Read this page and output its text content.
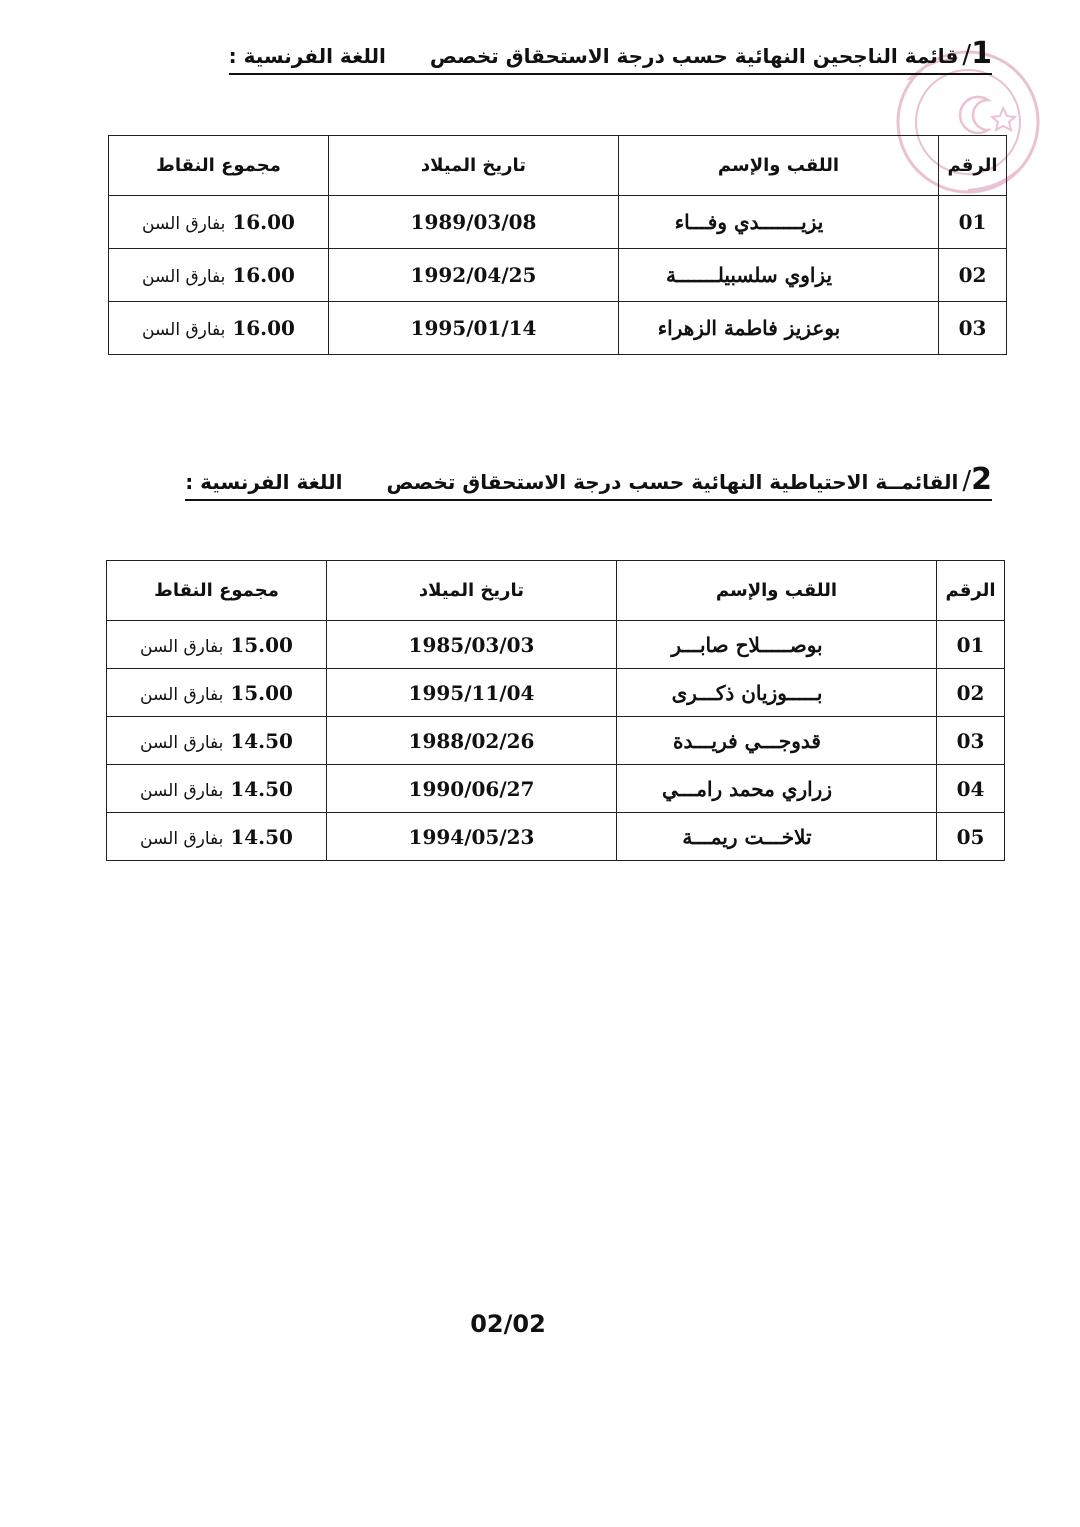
1/قائمة الناجحين النهائية حسب درجة الاستحقاق تخصصاللغة الفرنسية :
الرقم	اللقب والإسم	تاريخ الميلاد	مجموع النقاط
01	يزيـــــــدي وفـــاء	1989/03/08	16.00 بفارق السن
02	يزاوي سلسبيلـــــــة	1992/04/25	16.00 بفارق السن
03	بوعزيز فاطمة الزهراء	1995/01/14	16.00 بفارق السن
2/القائمــة الاحتياطية النهائية حسب درجة الاستحقاق تخصصاللغة الفرنسية :
الرقم	اللقب والإسم	تاريخ الميلاد	مجموع النقاط
01	بوصـــــلاح صابـــر	1985/03/03	15.00 بفارق السن
02	بـــــوزيان ذكـــرى	1995/11/04	15.00 بفارق السن
03	قدوجـــي فريـــدة	1988/02/26	14.50 بفارق السن
04	زراري محمد رامـــي	1990/06/27	14.50 بفارق السن
05	تلاخـــت ريمـــة	1994/05/23	14.50 بفارق السن
02/02
